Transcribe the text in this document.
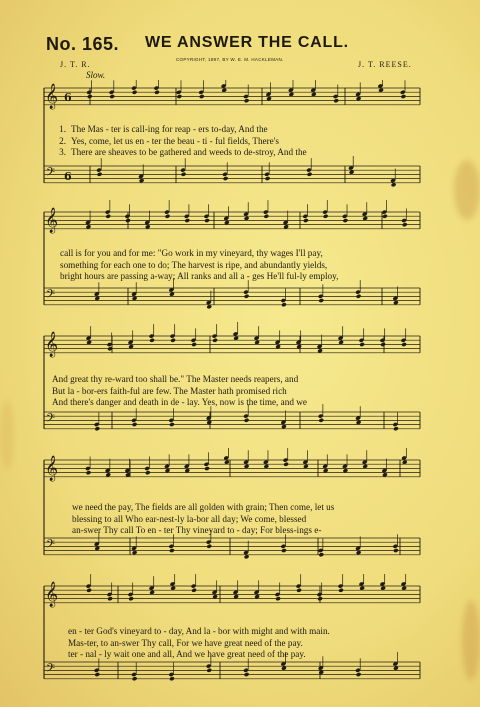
No. 165. WE ANSWER THE CALL.
COPYRIGHT, 1897, BY W. E. M. HACKLEMAN.
J. T. R.	J. T. REESE.
Slow.
𝄞
𝄢
6
6
1. The Mas - ter is call-ing for reap - ers to-day, And the
2. Yes, come, let us en - ter the beau - ti - ful fields, There's
3. There are sheaves to be gathered and weeds to de-stroy, And the
𝄞
𝄢
call is for you and for me: "Go work in my vineyard, thy wages I'll pay,
something for each one to do; The harvest is ripe, and abundantly yields,
bright hours are passing a-way; All ranks and all a - ges He'll ful-ly employ,
𝄞
𝄢
And great thy re-ward too shall be." The Master needs reapers, and
But la - bor-ers faith-ful are few. The Master hath promised rich
And there's danger and death in de - lay. Yes, now is the time, and we
𝄞
𝄢
we need the pay, The fields are all golden with grain; Then come, let us
blessing to all Who ear-nest-ly la-bor all day; We come, blessed
an-swer Thy call To en - ter Thy vineyard to - day; For bless-ings e-
𝄞
𝄢
en - ter God's vineyard to - day, And la - bor with might and with main.
Mas-ter, to an-swer Thy call, For we have great need of the pay.
ter - nal - ly wait one and all, And we have great need of the pay.
